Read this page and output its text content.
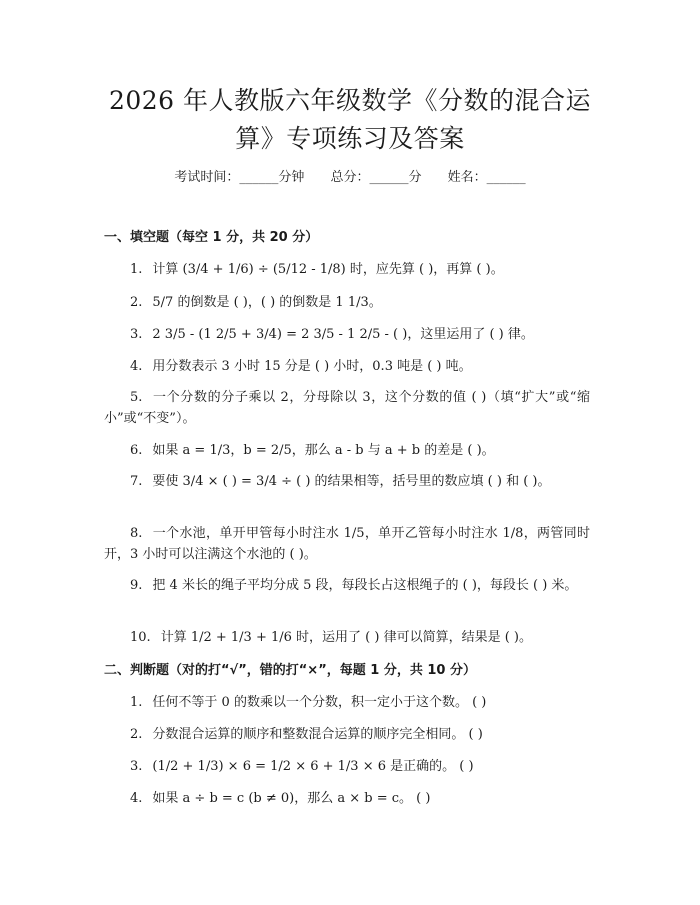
2026 年人教版六年级数学《分数的混合运算》专项练习及答案
考试时间：______分钟 总分：______分 姓名：______
一、填空题（每空 1 分，共 20 分）

1. 计算 (3/4 + 1/6) ÷ (5/12 - 1/8) 时，应先算 ( )，再算 ( )。

2. 5/7 的倒数是 ( )，( ) 的倒数是 1 1/3。

3. 2 3/5 - (1 2/5 + 3/4) = 2 3/5 - 1 2/5 - ( )，这里运用了 ( ) 律。

4. 用分数表示 3 小时 15 分是 ( ) 小时，0.3 吨是 ( ) 吨。

5. 一个分数的分子乘以 2，分母除以 3，这个分数的值 ( )（填“扩大”或“缩小”或“不变”）。

6. 如果 a = 1/3，b = 2/5，那么 a - b 与 a + b 的差是 ( )。

7. 要使 3/4 × ( ) = 3/4 ÷ ( ) 的结果相等，括号里的数应填 ( ) 和 ( )。

8. 一个水池，单开甲管每小时注水 1/5，单开乙管每小时注水 1/8，两管同时开，3 小时可以注满这个水池的 ( )。

9. 把 4 米长的绳子平均分成 5 段，每段长占这根绳子的 ( )，每段长 ( ) 米。

10. 计算 1/2 + 1/3 + 1/6 时，运用了 ( ) 律可以简算，结果是 ( )。

二、判断题（对的打“√”，错的打“×”，每题 1 分，共 10 分）

1. 任何不等于 0 的数乘以一个分数，积一定小于这个数。 ( )

2. 分数混合运算的顺序和整数混合运算的顺序完全相同。 ( )

3. (1/2 + 1/3) × 6 = 1/2 × 6 + 1/3 × 6 是正确的。 ( )

4. 如果 a ÷ b = c (b ≠ 0)，那么 a × b = c。 ( )
